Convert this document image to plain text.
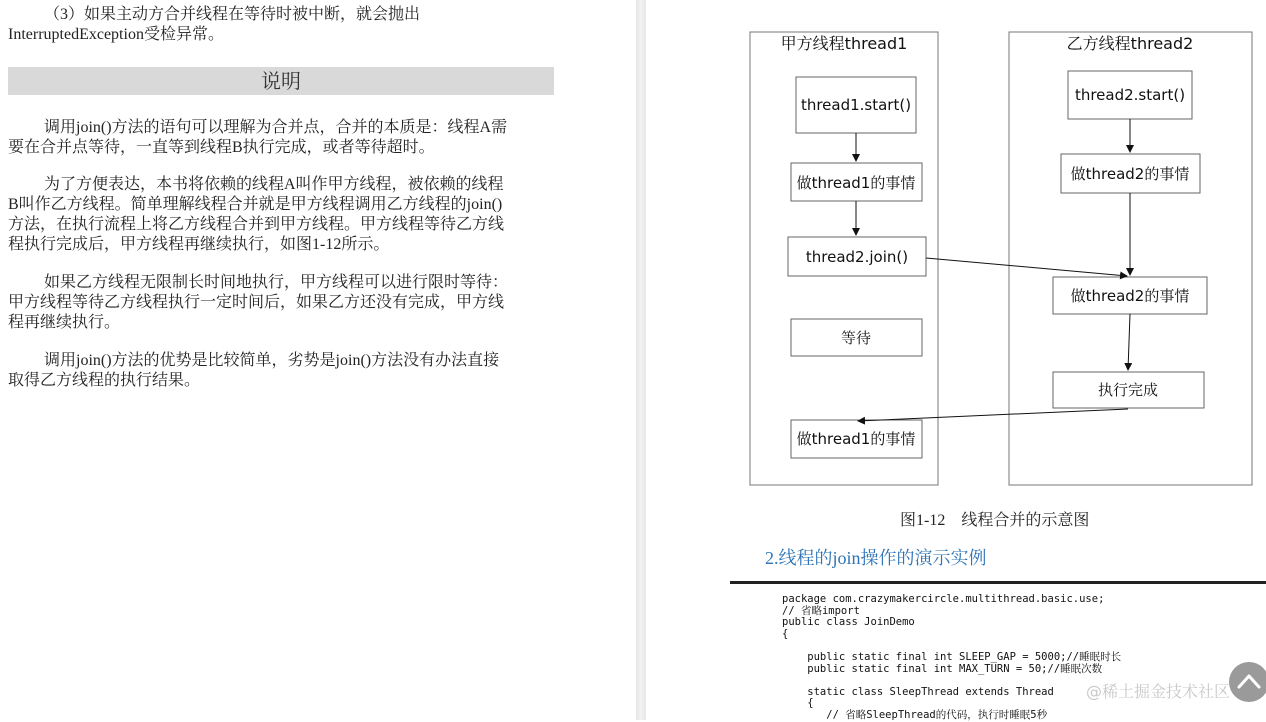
（3）如果主动方合并线程在等待时被中断，就会抛出
InterruptedException受检异常。

说明

调用join()方法的语句可以理解为合并点，合并的本质是：线程A需
要在合并点等待，一直等到线程B执行完成，或者等待超时。

为了方便表达，本书将依赖的线程A叫作甲方线程，被依赖的线程
B叫作乙方线程。简单理解线程合并就是甲方线程调用乙方线程的join()
方法，在执行流程上将乙方线程合并到甲方线程。甲方线程等待乙方线
程执行完成后，甲方线程再继续执行，如图1-12所示。

如果乙方线程无限制长时间地执行，甲方线程可以进行限时等待：
甲方线程等待乙方线程执行一定时间后，如果乙方还没有完成，甲方线
程再继续执行。

调用join()方法的优势是比较简单，劣势是join()方法没有办法直接
取得乙方线程的执行结果。

甲方线程thread1	乙方线程thread2
thread1.start()
做thread1的事情
thread2.join()
等待
做thread1的事情
thread2.start()
做thread2的事情
做thread2的事情
执行完成
图1-12　线程合并的示意图
2.线程的join操作的演示实例
package com.crazymakercircle.multithread.basic.use;
// 省略import
public class JoinDemo
{

public static final int SLEEP_GAP = 5000;//睡眠时长
public static final int MAX_TURN = 50;//睡眠次数

static class SleepThread extends Thread
{
// 省略SleepThread的代码，执行时睡眠5秒
@稀土掘金技术社区
